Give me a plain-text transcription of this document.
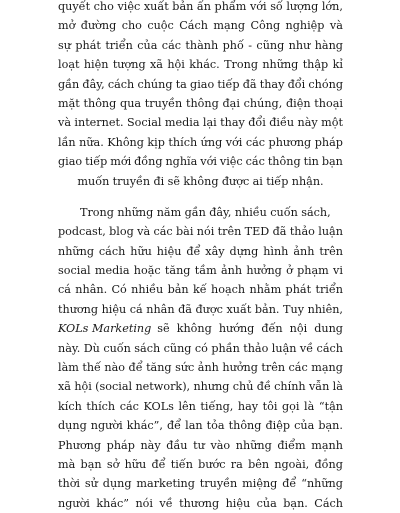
quyết cho việc xuất bản ấn phẩm với số lượng lớn,
mở đường cho cuộc Cách mạng Công nghiệp và
sự phát triển của các thành phố - cũng như hàng
loạt hiện tượng xã hội khác. Trong những thập kỉ
gần đây, cách chúng ta giao tiếp đã thay đổi chóng
mặt thông qua truyền thông đại chúng, điện thoại
và internet. Social media lại thay đổi điều này một
lần nữa. Không kịp thích ứng với các phương pháp
giao tiếp mới đồng nghĩa với việc các thông tin bạn
muốn truyền đi sẽ không được ai tiếp nhận.
Trong những năm gần đây, nhiều cuốn sách,
podcast, blog và các bài nói trên TED đã thảo luận
những cách hữu hiệu để xây dựng hình ảnh trên
social media hoặc tăng tầm ảnh hưởng ở phạm vi
cá nhân. Có nhiều bản kế hoạch nhằm phát triển
thương hiệu cá nhân đã được xuất bản. Tuy nhiên,
KOLs Marketing sẽ không hướng đến nội dung
này. Dù cuốn sách cũng có phần thảo luận về cách
làm thế nào để tăng sức ảnh hưởng trên các mạng
xã hội (social network), nhưng chủ đề chính vẫn là
kích thích các KOLs lên tiếng, hay tôi gọi là “tận
dụng người khác”, để lan tỏa thông điệp của bạn.
Phương pháp này đầu tư vào những điểm mạnh
mà bạn sở hữu để tiến bước ra bên ngoài, đồng
thời sử dụng marketing truyền miệng để “những
người khác” nói về thương hiệu của bạn. Cách
